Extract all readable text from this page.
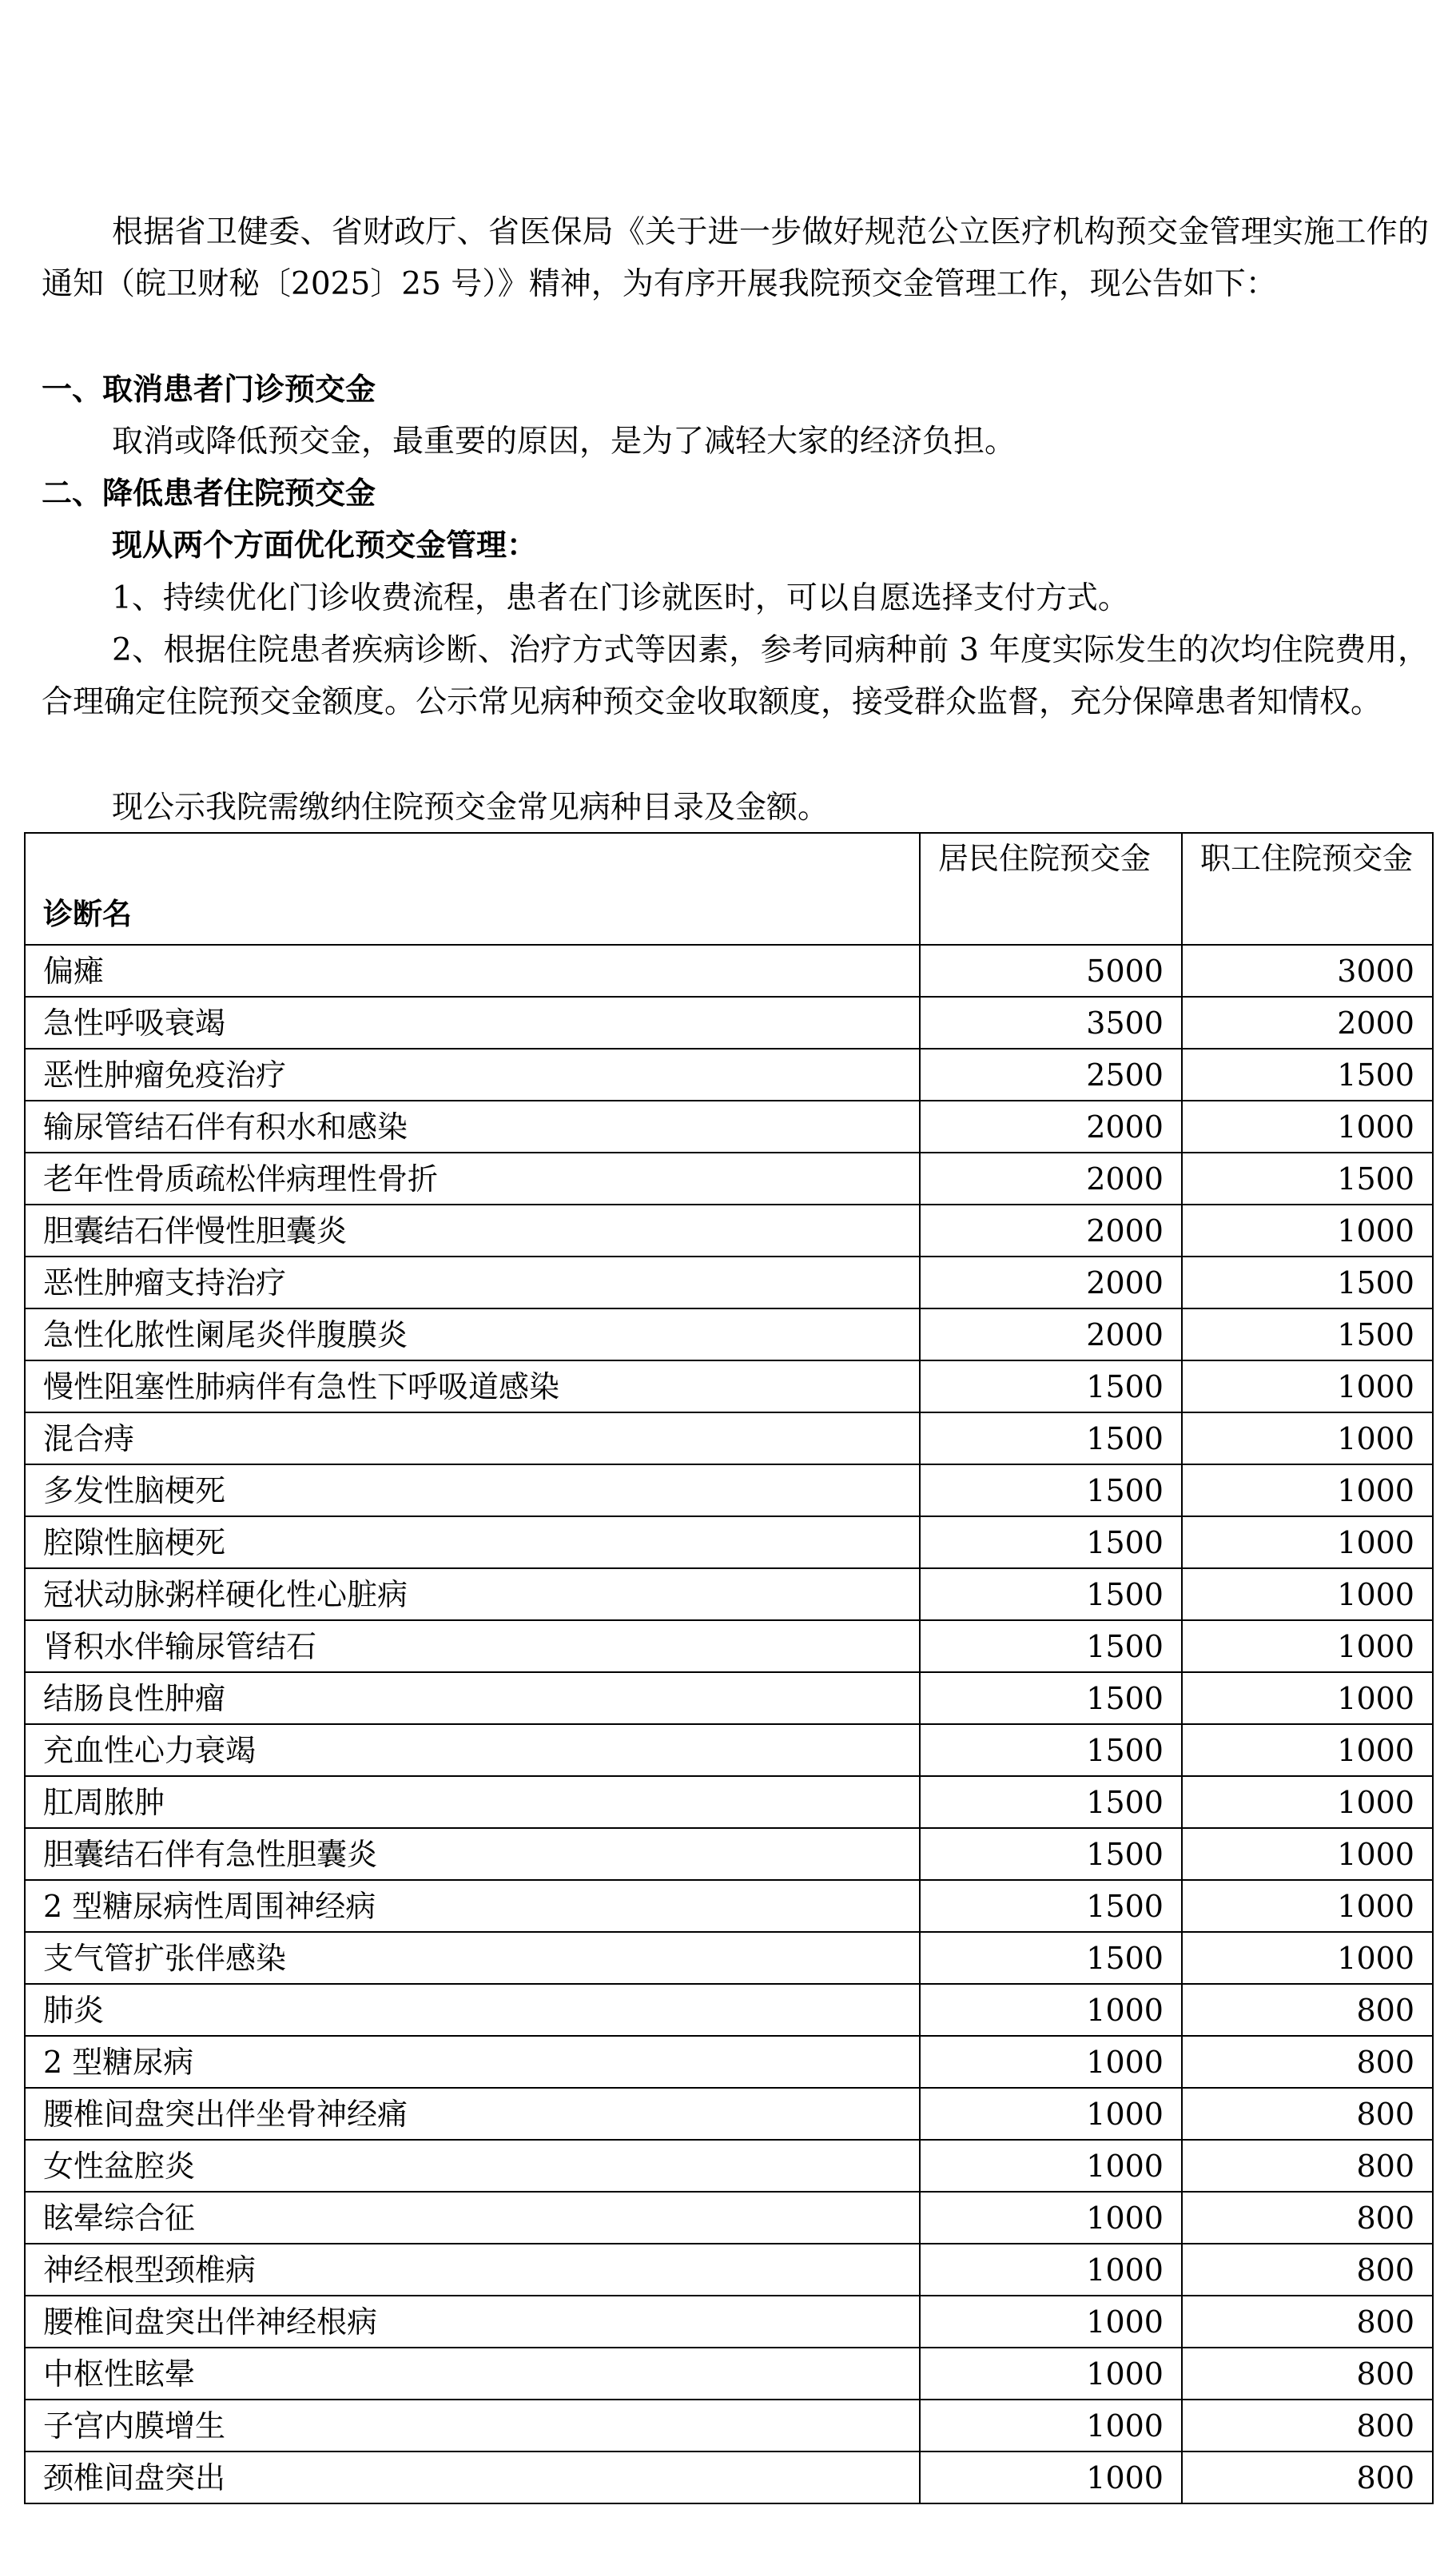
根据省卫健委、省财政厅、省医保局《关于进一步做好规范公立医疗机构预交金管理实施工作的通知（皖卫财秘〔2025〕25 号）》精神，为有序开展我院预交金管理工作，现公告如下：

一、取消患者门诊预交金

取消或降低预交金，最重要的原因，是为了减轻大家的经济负担。

二、降低患者住院预交金

现从两个方面优化预交金管理：

1、持续优化门诊收费流程，患者在门诊就医时，可以自愿选择支付方式。

2、根据住院患者疾病诊断、治疗方式等因素，参考同病种前 3 年度实际发生的次均住院费用，合理确定住院预交金额度。公示常见病种预交金收取额度，接受群众监督，充分保障患者知情权。

现公示我院需缴纳住院预交金常见病种目录及金额。

诊断名	居民住院预交金	职工住院预交金
偏瘫	5000	3000
急性呼吸衰竭	3500	2000
恶性肿瘤免疫治疗	2500	1500
输尿管结石伴有积水和感染	2000	1000
老年性骨质疏松伴病理性骨折	2000	1500
胆囊结石伴慢性胆囊炎	2000	1000
恶性肿瘤支持治疗	2000	1500
急性化脓性阑尾炎伴腹膜炎	2000	1500
慢性阻塞性肺病伴有急性下呼吸道感染	1500	1000
混合痔	1500	1000
多发性脑梗死	1500	1000
腔隙性脑梗死	1500	1000
冠状动脉粥样硬化性心脏病	1500	1000
肾积水伴输尿管结石	1500	1000
结肠良性肿瘤	1500	1000
充血性心力衰竭	1500	1000
肛周脓肿	1500	1000
胆囊结石伴有急性胆囊炎	1500	1000
2 型糖尿病性周围神经病	1500	1000
支气管扩张伴感染	1500	1000
肺炎	1000	800
2 型糖尿病	1000	800
腰椎间盘突出伴坐骨神经痛	1000	800
女性盆腔炎	1000	800
眩晕综合征	1000	800
神经根型颈椎病	1000	800
腰椎间盘突出伴神经根病	1000	800
中枢性眩晕	1000	800
子宫内膜增生	1000	800
颈椎间盘突出	1000	800
